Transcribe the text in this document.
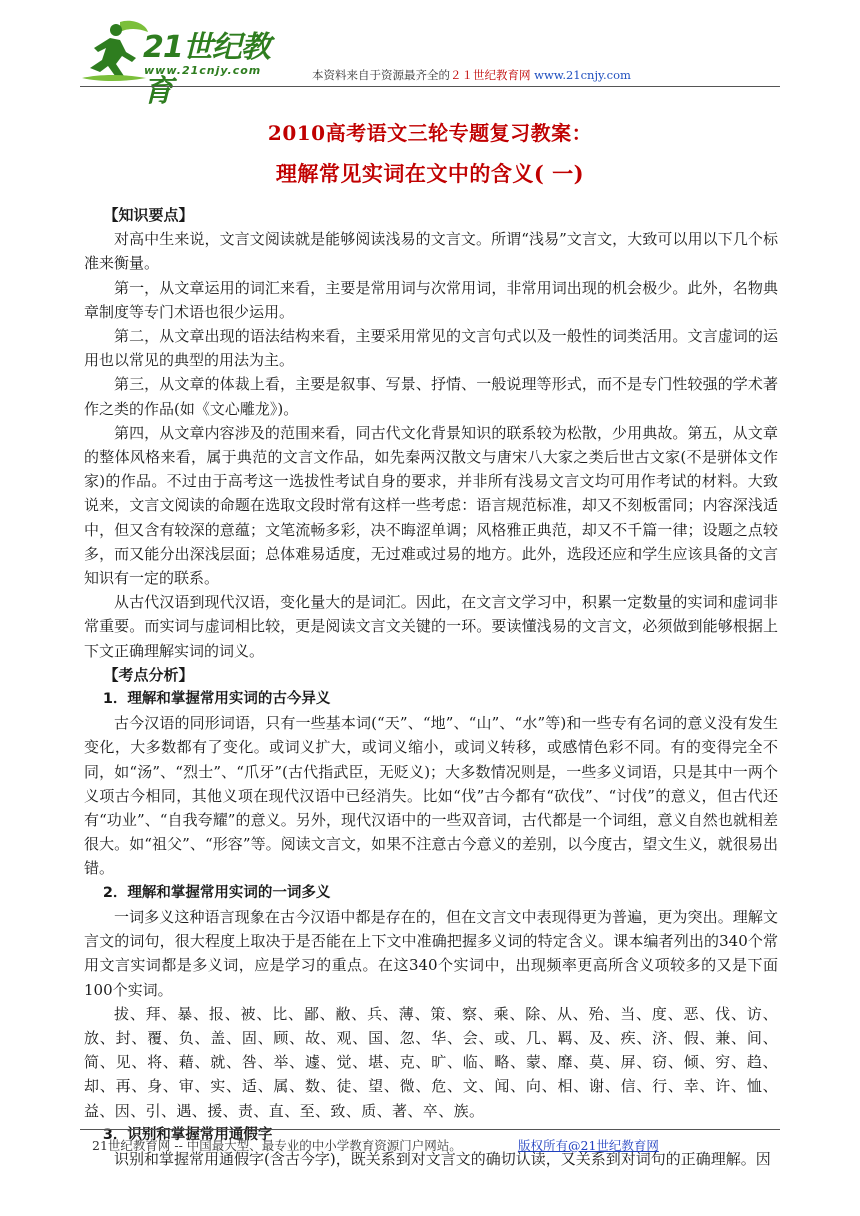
21世纪教育
www.21cnjy.com	本资料来自于资源最齐全的２１世纪教育网 www.21cnjy.com
2010高考语文三轮专题复习教案：
理解常见实词在文中的含义( 一)

【知识要点】

对高中生来说，文言文阅读就是能够阅读浅易的文言文。所谓“浅易”文言文，大致可以用以下几个标准来衡量。

第一，从文章运用的词汇来看，主要是常用词与次常用词，非常用词出现的机会极少。此外，名物典章制度等专门术语也很少运用。

第二，从文章出现的语法结构来看，主要采用常见的文言句式以及一般性的词类活用。文言虚词的运用也以常见的典型的用法为主。

第三，从文章的体裁上看，主要是叙事、写景、抒情、一般说理等形式，而不是专门性较强的学术著作之类的作品(如《文心雕龙》)。

第四，从文章内容涉及的范围来看，同古代文化背景知识的联系较为松散，少用典故。第五，从文章的整体风格来看，属于典范的文言文作品，如先秦两汉散文与唐宋八大家之类后世古文家(不是骈体文作家)的作品。不过由于高考这一选拔性考试自身的要求，并非所有浅易文言文均可用作考试的材料。大致说来，文言文阅读的命题在选取文段时常有这样一些考虑：语言规范标准，却又不刻板雷同；内容深浅适中，但又含有较深的意蕴；文笔流畅多彩，决不晦涩单调；风格雅正典范，却又不千篇一律；设题之点较多，而又能分出深浅层面；总体难易适度，无过难或过易的地方。此外，选段还应和学生应该具备的文言知识有一定的联系。

从古代汉语到现代汉语，变化量大的是词汇。因此，在文言文学习中，积累一定数量的实词和虚词非常重要。而实词与虚词相比较，更是阅读文言文关键的一环。要读懂浅易的文言文，必须做到能够根据上下文正确理解实词的词义。

【考点分析】

1．理解和掌握常用实词的古今异义

古今汉语的同形词语，只有一些基本词(“天”、“地”、“山”、“水”等)和一些专有名词的意义没有发生变化，大多数都有了变化。或词义扩大，或词义缩小，或词义转移，或感情色彩不同。有的变得完全不同，如“汤”、“烈士”、“爪牙”(古代指武臣，无贬义)；大多数情况则是，一些多义词语，只是其中一两个义项古今相同，其他义项在现代汉语中已经消失。比如“伐”古今都有“砍伐”、“讨伐”的意义，但古代还有“功业”、“自我夸耀”的意义。另外，现代汉语中的一些双音词，古代都是一个词组，意义自然也就相差很大。如“祖父”、“形容”等。阅读文言文，如果不注意古今意义的差别，以今度古，望文生义，就很易出错。

2．理解和掌握常用实词的一词多义

一词多义这种语言现象在古今汉语中都是存在的，但在文言文中表现得更为普遍，更为突出。理解文言文的词句，很大程度上取决于是否能在上下文中准确把握多义词的特定含义。课本编者列出的340个常用文言实词都是多义词，应是学习的重点。在这340个实词中，出现频率更高所含义项较多的又是下面100个实词。

拔、拜、暴、报、被、比、鄙、敝、兵、薄、策、察、乘、除、从、殆、当、度、恶、伐、访、放、封、覆、负、盖、固、顾、故、观、国、忽、华、会、或、几、羁、及、疾、济、假、兼、间、简、见、将、藉、就、咎、举、遽、觉、堪、克、旷、临、略、蒙、靡、莫、屏、窃、倾、穷、趋、却、再、身、审、实、适、属、数、徒、望、微、危、文、闻、向、相、谢、信、行、幸、许、恤、益、因、引、遇、援、责、直、至、致、质、著、卒、族。

3．识别和掌握常用通假字

识别和掌握常用通假字(含古今字)，既关系到对文言文的确切认读，又关系到对词句的正确理解。因

21世纪教育网 -- 中国最大型、最专业的中小学教育资源门户网站。	版权所有@21世纪教育网
